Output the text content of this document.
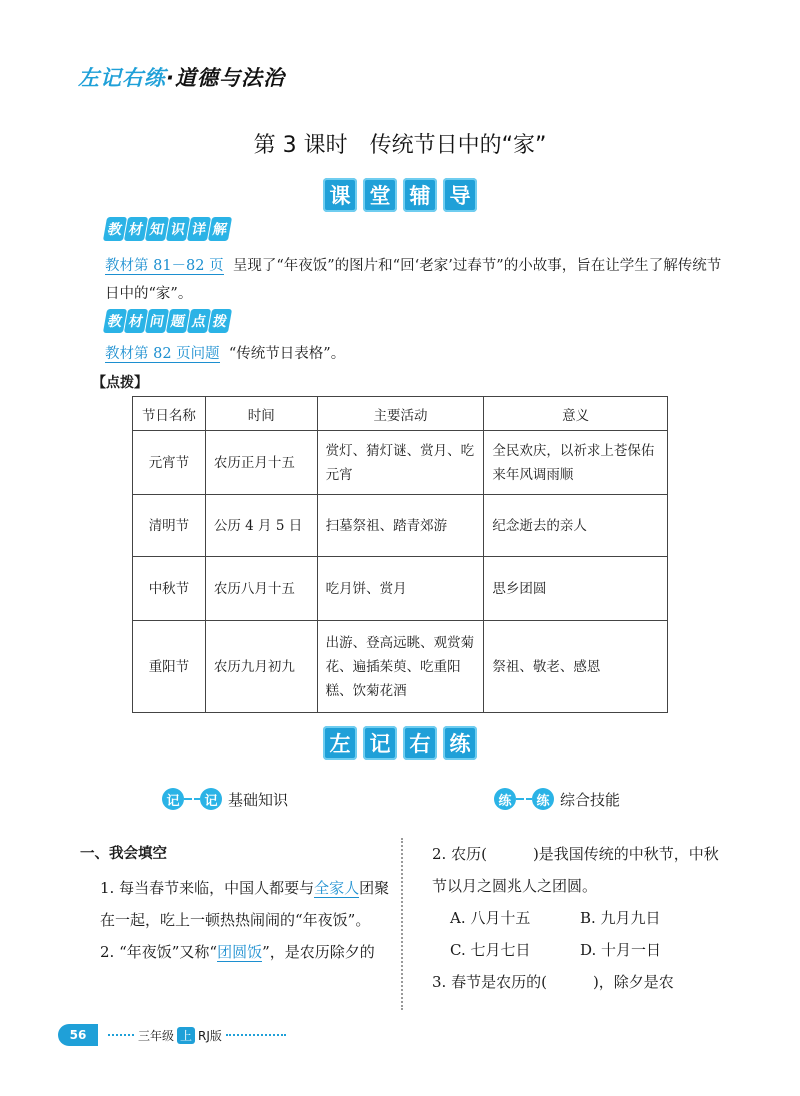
左记右练·道德与法治
第 3 课时 传统节日中的“家”
课 堂 辅 导
教 材 知 识 详 解
教材第 81－82 页 呈现了“年夜饭”的图片和“回‘老家’过春节”的小故事，旨在让学生了解传统节日中的“家”。
教 材 问 题 点 拨
教材第 82 页问题 “传统节日表格”。
【点拨】
节日名称	时间	主要活动	意义
元宵节	农历正月十五	赏灯、猜灯谜、赏月、吃元宵	全民欢庆，以祈求上苍保佑来年风调雨顺
清明节	公历 4 月 5 日	扫墓祭祖、踏青郊游	纪念逝去的亲人
中秋节	农历八月十五	吃月饼、赏月	思乡团圆
重阳节	农历九月初九	出游、登高远眺、观赏菊花、遍插茱萸、吃重阳糕、饮菊花酒	祭祖、敬老、感恩
左 记 右 练
记	记 基础知识	练	练 综合技能
一、我会填空
1. 每当春节来临，中国人都要与全家人团聚在一起，吃上一顿热热闹闹的“年夜饭”。
2. “年夜饭”又称“团圆饭”，是农历除夕的
2. 农历(	)是我国传统的中秋节，中秋节以月之圆兆人之团圆。
A. 八月十五	B. 九月九日
C. 七月七日	D. 十月一日
3. 春节是农历的(	)，除夕是农
56	三年级 上 RJ版
